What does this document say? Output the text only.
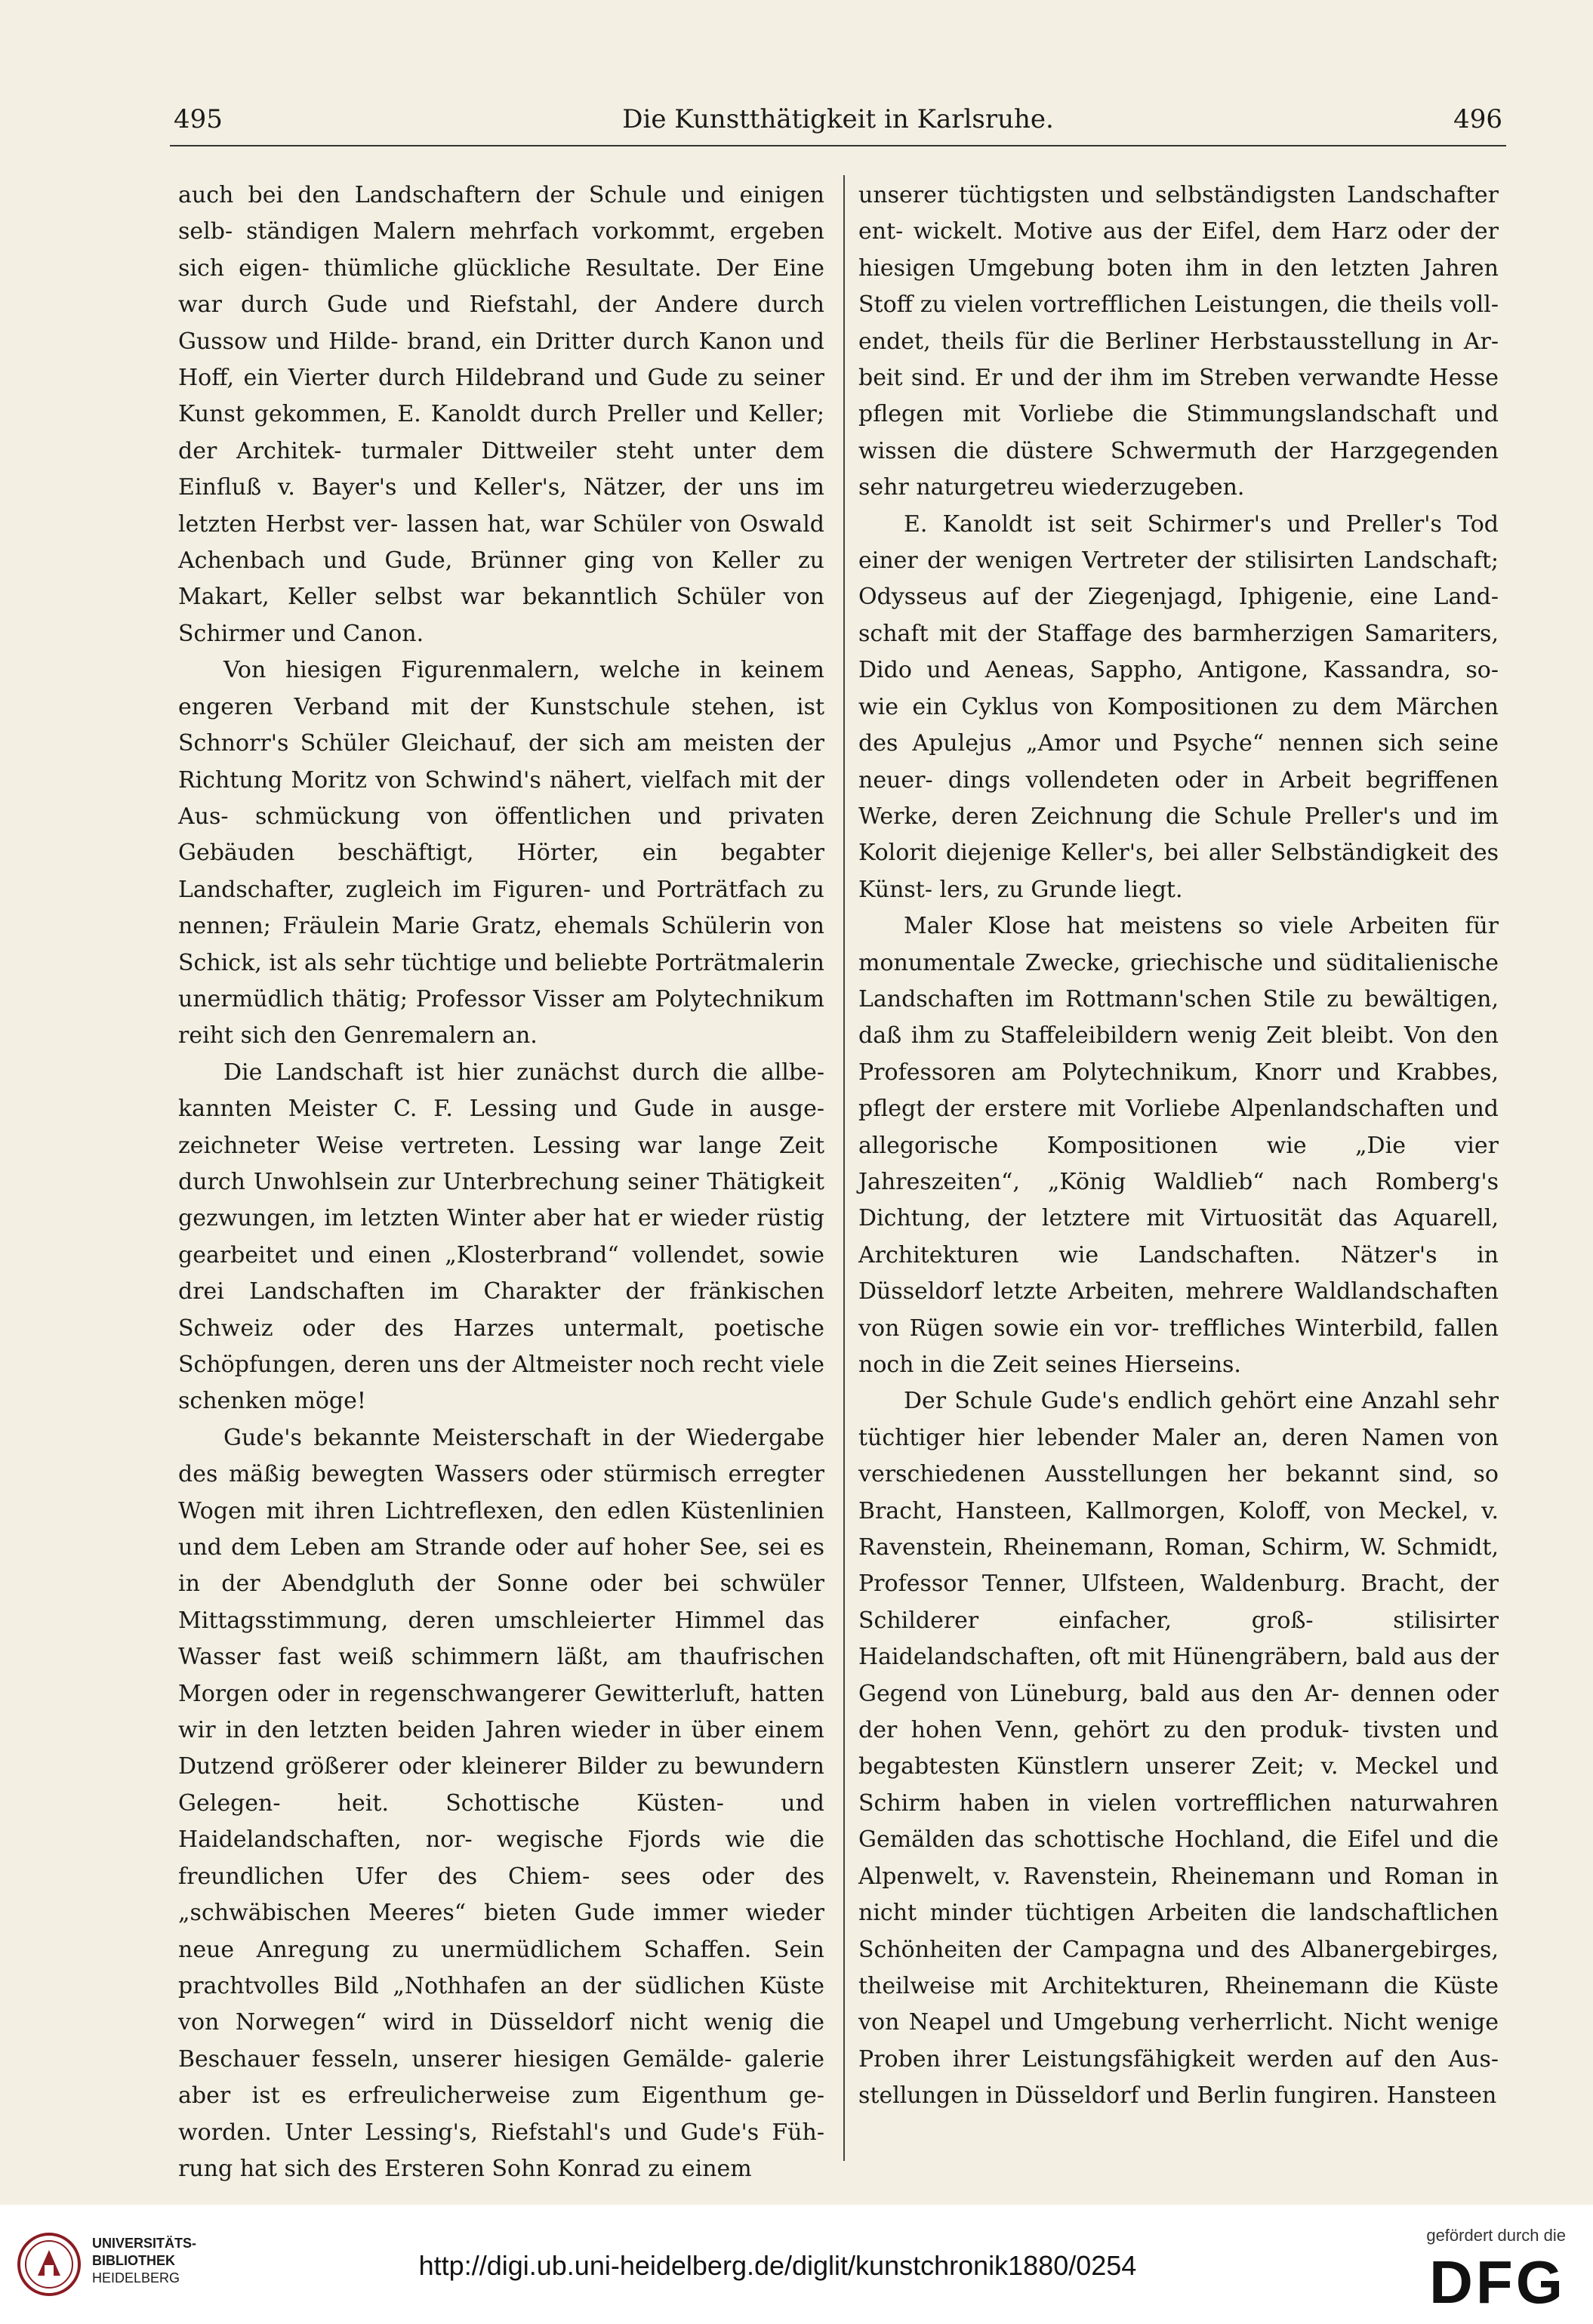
495	Die Kunstthätigkeit in Karlsruhe.	496

auch bei den Landschaftern der Schule und einigen selb- ständigen Malern mehrfach vorkommt, ergeben sich eigen- thümliche glückliche Resultate. Der Eine war durch Gude und Riefstahl, der Andere durch Gussow und Hilde- brand, ein Dritter durch Kanon und Hoff, ein Vierter durch Hildebrand und Gude zu seiner Kunst gekommen, E. Kanoldt durch Preller und Keller; der Architek- turmaler Dittweiler steht unter dem Einfluß v. Bayer's und Keller's, Nätzer, der uns im letzten Herbst ver- lassen hat, war Schüler von Oswald Achenbach und Gude, Brünner ging von Keller zu Makart, Keller selbst war bekanntlich Schüler von Schirmer und Canon.

Von hiesigen Figurenmalern, welche in keinem engeren Verband mit der Kunstschule stehen, ist Schnorr's Schüler Gleichauf, der sich am meisten der Richtung Moritz von Schwind's nähert, vielfach mit der Aus- schmückung von öffentlichen und privaten Gebäuden beschäftigt, Hörter, ein begabter Landschafter, zugleich im Figuren- und Porträtfach zu nennen; Fräulein Marie Gratz, ehemals Schülerin von Schick, ist als sehr tüchtige und beliebte Porträtmalerin unermüdlich thätig; Professor Visser am Polytechnikum reiht sich den Genremalern an.

Die Landschaft ist hier zunächst durch die allbe- kannten Meister C. F. Lessing und Gude in ausge- zeichneter Weise vertreten. Lessing war lange Zeit durch Unwohlsein zur Unterbrechung seiner Thätigkeit gezwungen, im letzten Winter aber hat er wieder rüstig gearbeitet und einen „Klosterbrand“ vollendet, sowie drei Landschaften im Charakter der fränkischen Schweiz oder des Harzes untermalt, poetische Schöpfungen, deren uns der Altmeister noch recht viele schenken möge!

Gude's bekannte Meisterschaft in der Wiedergabe des mäßig bewegten Wassers oder stürmisch erregter Wogen mit ihren Lichtreflexen, den edlen Küstenlinien und dem Leben am Strande oder auf hoher See, sei es in der Abendgluth der Sonne oder bei schwüler Mittagsstimmung, deren umschleierter Himmel das Wasser fast weiß schimmern läßt, am thaufrischen Morgen oder in regenschwangerer Gewitterluft, hatten wir in den letzten beiden Jahren wieder in über einem Dutzend größerer oder kleinerer Bilder zu bewundern Gelegen- heit. Schottische Küsten- und Haidelandschaften, nor- wegische Fjords wie die freundlichen Ufer des Chiem- sees oder des „schwäbischen Meeres“ bieten Gude immer wieder neue Anregung zu unermüdlichem Schaffen. Sein prachtvolles Bild „Nothhafen an der südlichen Küste von Norwegen“ wird in Düsseldorf nicht wenig die Beschauer fesseln, unserer hiesigen Gemälde- galerie aber ist es erfreulicherweise zum Eigenthum ge- worden. Unter Lessing's, Riefstahl's und Gude's Füh- rung hat sich des Ersteren Sohn Konrad zu einem

unserer tüchtigsten und selbständigsten Landschafter ent- wickelt. Motive aus der Eifel, dem Harz oder der hiesigen Umgebung boten ihm in den letzten Jahren Stoff zu vielen vortrefflichen Leistungen, die theils voll- endet, theils für die Berliner Herbstausstellung in Ar- beit sind. Er und der ihm im Streben verwandte Hesse pflegen mit Vorliebe die Stimmungslandschaft und wissen die düstere Schwermuth der Harzgegenden sehr naturgetreu wiederzugeben.

E. Kanoldt ist seit Schirmer's und Preller's Tod einer der wenigen Vertreter der stilisirten Landschaft; Odysseus auf der Ziegenjagd, Iphigenie, eine Land- schaft mit der Staffage des barmherzigen Samariters, Dido und Aeneas, Sappho, Antigone, Kassandra, so- wie ein Cyklus von Kompositionen zu dem Märchen des Apulejus „Amor und Psyche“ nennen sich seine neuer- dings vollendeten oder in Arbeit begriffenen Werke, deren Zeichnung die Schule Preller's und im Kolorit diejenige Keller's, bei aller Selbständigkeit des Künst- lers, zu Grunde liegt.

Maler Klose hat meistens so viele Arbeiten für monumentale Zwecke, griechische und süditalienische Landschaften im Rottmann'schen Stile zu bewältigen, daß ihm zu Staffeleibildern wenig Zeit bleibt. Von den Professoren am Polytechnikum, Knorr und Krabbes, pflegt der erstere mit Vorliebe Alpenlandschaften und allegorische Kompositionen wie „Die vier Jahreszeiten“, „König Waldlieb“ nach Romberg's Dichtung, der letztere mit Virtuosität das Aquarell, Architekturen wie Landschaften. Nätzer's in Düsseldorf letzte Arbeiten, mehrere Waldlandschaften von Rügen sowie ein vor- treffliches Winterbild, fallen noch in die Zeit seines Hierseins.

Der Schule Gude's endlich gehört eine Anzahl sehr tüchtiger hier lebender Maler an, deren Namen von verschiedenen Ausstellungen her bekannt sind, so Bracht, Hansteen, Kallmorgen, Koloff, von Meckel, v. Ravenstein, Rheinemann, Roman, Schirm, W. Schmidt, Professor Tenner, Ulfsteen, Waldenburg. Bracht, der Schilderer einfacher, groß- stilisirter Haidelandschaften, oft mit Hünengräbern, bald aus der Gegend von Lüneburg, bald aus den Ar- dennen oder der hohen Venn, gehört zu den produk- tivsten und begabtesten Künstlern unserer Zeit; v. Meckel und Schirm haben in vielen vortrefflichen naturwahren Gemälden das schottische Hochland, die Eifel und die Alpenwelt, v. Ravenstein, Rheinemann und Roman in nicht minder tüchtigen Arbeiten die landschaftlichen Schönheiten der Campagna und des Albanergebirges, theilweise mit Architekturen, Rheinemann die Küste von Neapel und Umgebung verherrlicht. Nicht wenige Proben ihrer Leistungsfähigkeit werden auf den Aus- stellungen in Düsseldorf und Berlin fungiren. Hansteen

UNIVERSITÄTS-
BIBLIOTHEK
HEIDELBERG	http://digi.ub.uni-heidelberg.de/diglit/kunstchronik1880/0254
gefördert durch die
DFG
